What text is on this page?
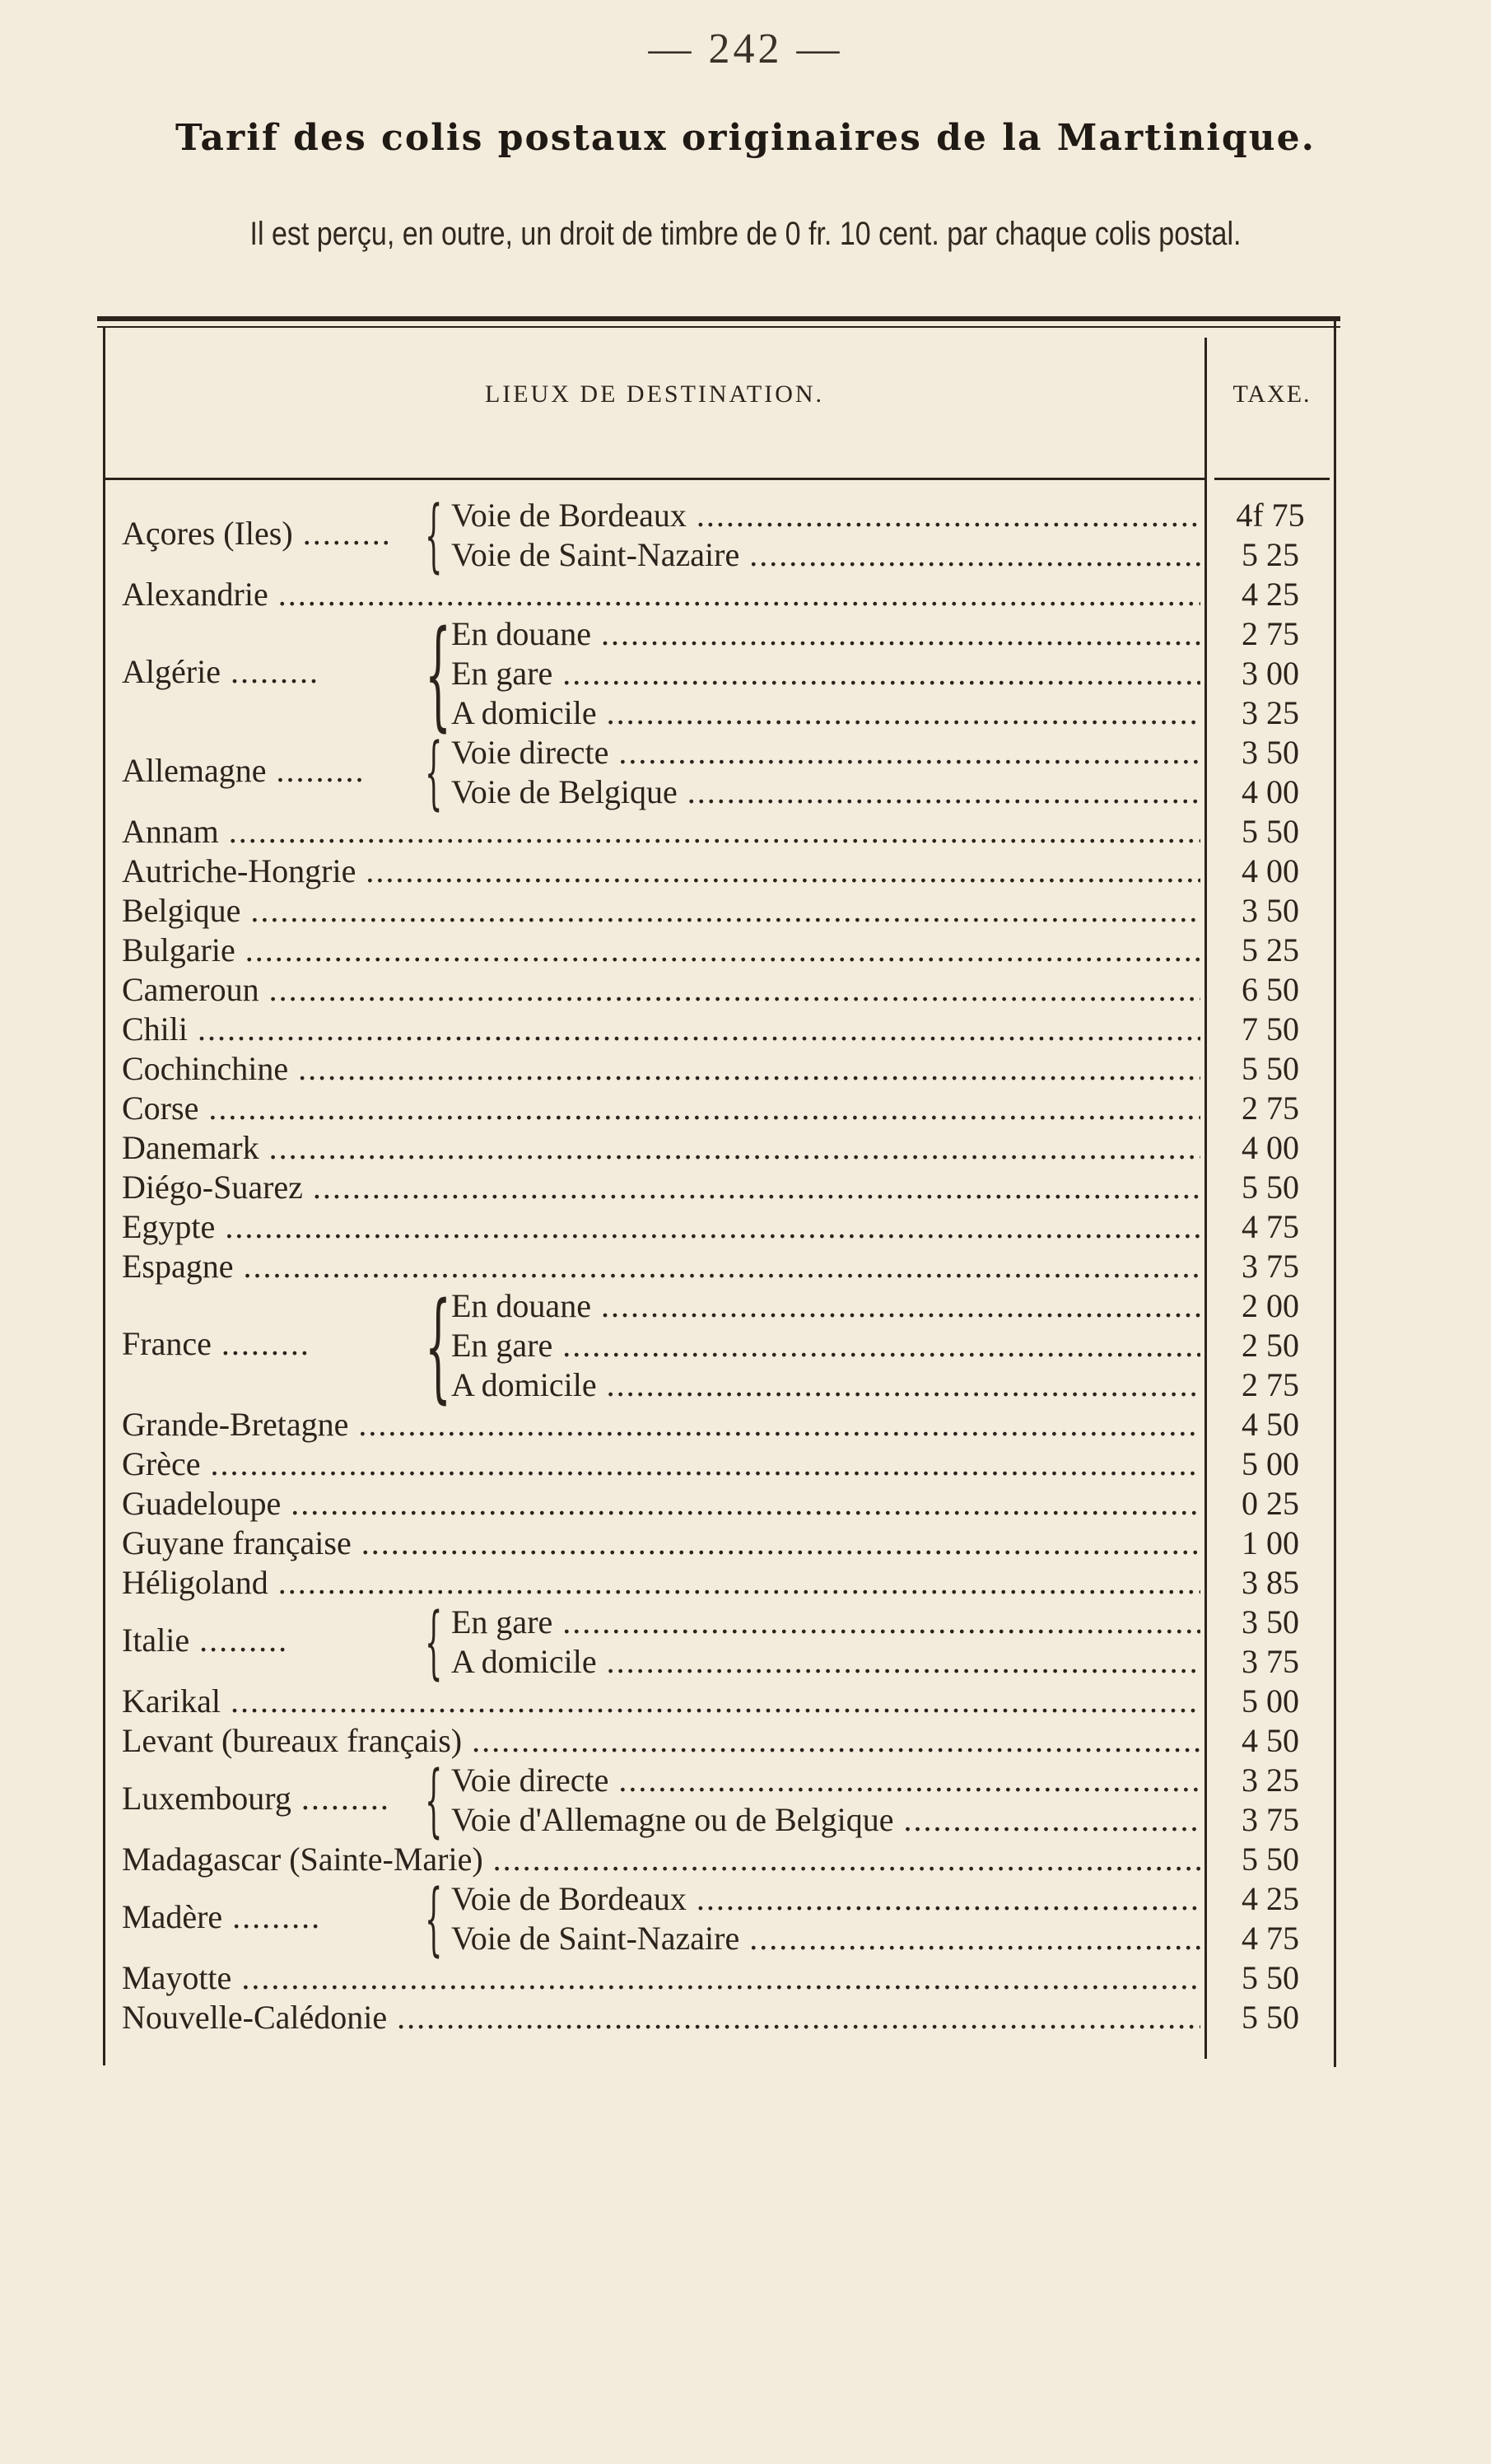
— 242 —
Tarif des colis postaux originaires de la Martinique.
Il est perçu, en outre, un droit de timbre de 0 fr. 10 cent. par chaque colis postal.
LIEUX DE DESTINATION.	TAXE.
Açores (Iles) .....	{ Voie de Bordeaux .....	4f 75
Voie de Saint-Nazaire .....	5 25
Alexandrie .....	4 25
Algérie .....	{ En douane .....	2 75
En gare .....	3 00
A domicile .....	3 25
Allemagne .....	{ Voie directe .....	3 50
Voie de Belgique .....	4 00
Annam .....	5 50
Autriche-Hongrie .....	4 00
Belgique .....	3 50
Bulgarie .....	5 25
Cameroun .....	6 50
Chili .....	7 50
Cochinchine .....	5 50
Corse .....	2 75
Danemark .....	4 00
Diégo-Suarez .....	5 50
Egypte .....	4 75
Espagne .....	3 75
France .....	{ En douane .....	2 00
En gare .....	2 50
A domicile .....	2 75
Grande-Bretagne .....	4 50
Grèce .....	5 00
Guadeloupe .....	0 25
Guyane française .....	1 00
Héligoland .....	3 85
Italie .....	{ En gare .....	3 50
A domicile .....	3 75
Karikal .....	5 00
Levant (bureaux français) .....	4 50
Luxembourg .....	{ Voie directe .....	3 25
Voie d'Allemagne ou de Belgique .....	3 75
Madagascar (Sainte-Marie) .....	5 50
Madère .....	{ Voie de Bordeaux .....	4 25
Voie de Saint-Nazaire .....	4 75
Mayotte .....	5 50
Nouvelle-Calédonie .....	5 50
